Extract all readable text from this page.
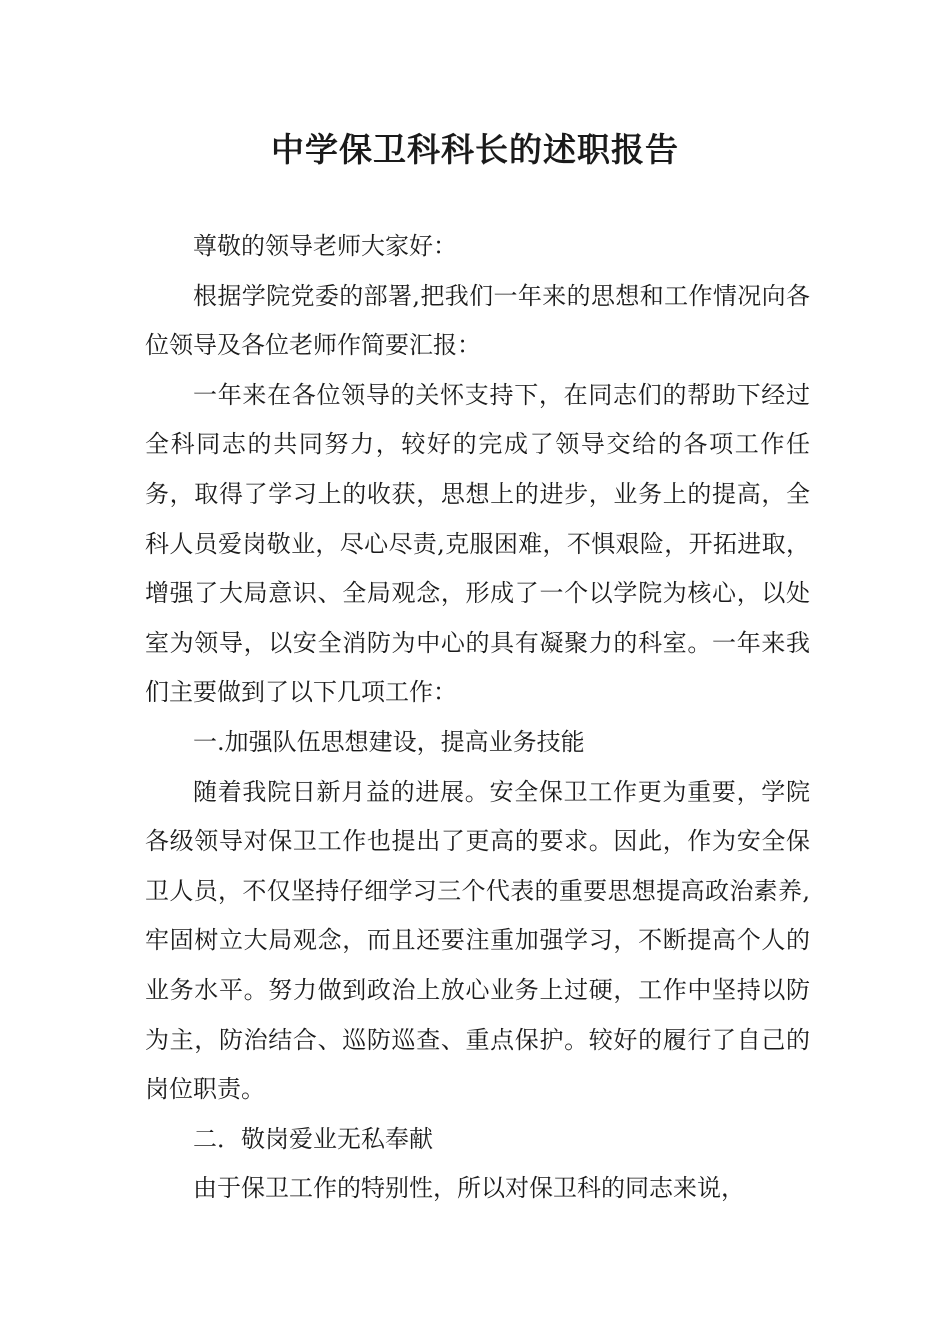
中学保卫科科长的述职报告

尊敬的领导老师大家好：

根据学院党委的部署,把我们一年来的思想和工作情况向各位领导及各位老师作简要汇报：

一年来在各位领导的关怀支持下，在同志们的帮助下经过全科同志的共同努力，较好的完成了领导交给的各项工作任务，取得了学习上的收获，思想上的进步，业务上的提高，全科人员爱岗敬业，尽心尽责,克服困难，不惧艰险，开拓进取，增强了大局意识、全局观念，形成了一个以学院为核心，以处室为领导，以安全消防为中心的具有凝聚力的科室。一年来我们主要做到了以下几项工作：

一.加强队伍思想建设，提高业务技能

随着我院日新月益的进展。安全保卫工作更为重要，学院各级领导对保卫工作也提出了更高的要求。因此，作为安全保卫人员，不仅坚持仔细学习三个代表的重要思想提高政治素养,牢固树立大局观念，而且还要注重加强学习，不断提高个人的业务水平。努力做到政治上放心业务上过硬，工作中坚持以防为主，防治结合、巡防巡查、重点保护。较好的履行了自己的岗位职责。

二．敬岗爱业无私奉献

由于保卫工作的特别性，所以对保卫科的同志来说，
